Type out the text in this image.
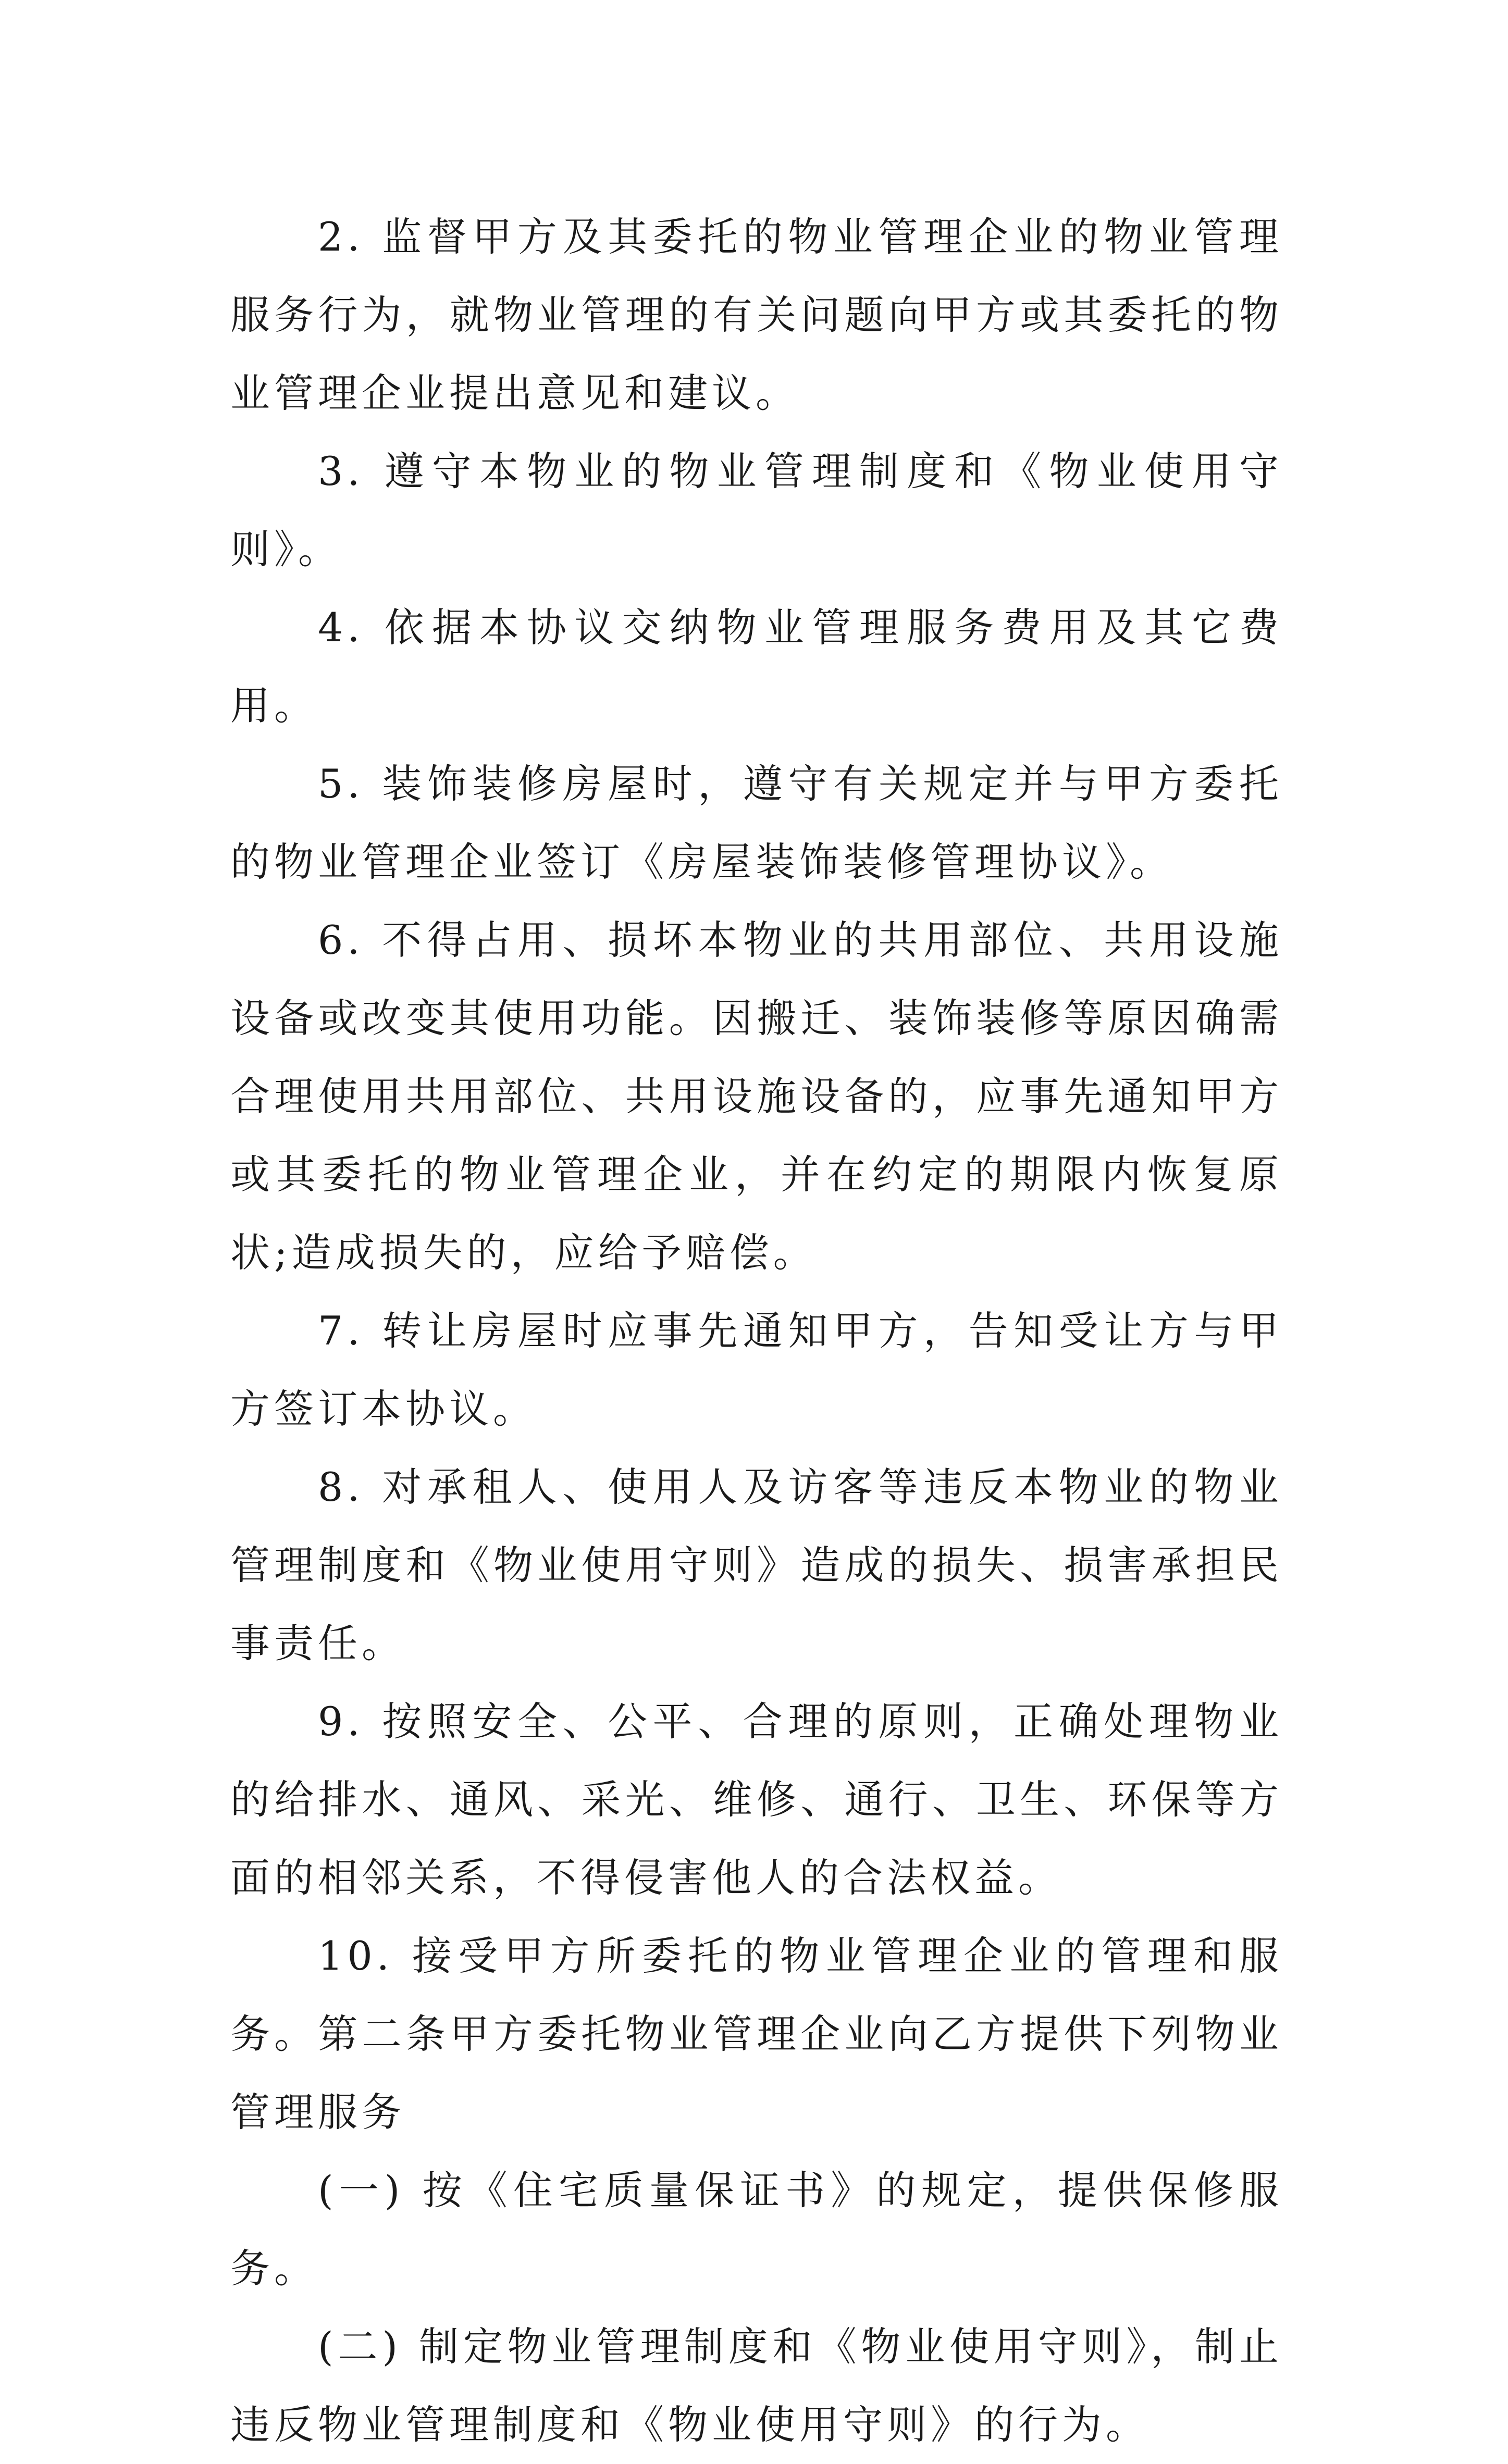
2. 监督甲方及其委托的物业管理企业的物业管理服务行为，就物业管理的有关问题向甲方或其委托的物业管理企业提出意见和建议。

3. 遵守本物业的物业管理制度和《物业使用守则》。

4. 依据本协议交纳物业管理服务费用及其它费用。

5. 装饰装修房屋时，遵守有关规定并与甲方委托的物业管理企业签订《房屋装饰装修管理协议》。

6. 不得占用、损坏本物业的共用部位、共用设施设备或改变其使用功能。因搬迁、装饰装修等原因确需合理使用共用部位、共用设施设备的，应事先通知甲方或其委托的物业管理企业，并在约定的期限内恢复原状;造成损失的，应给予赔偿。

7. 转让房屋时应事先通知甲方，告知受让方与甲方签订本协议。

8. 对承租人、使用人及访客等违反本物业的物业管理制度和《物业使用守则》造成的损失、损害承担民事责任。

9. 按照安全、公平、合理的原则，正确处理物业的给排水、通风、采光、维修、通行、卫生、环保等方面的相邻关系，不得侵害他人的合法权益。

10. 接受甲方所委托的物业管理企业的管理和服务。第二条甲方委托物业管理企业向乙方提供下列物业管理服务

(一) 按《住宅质量保证书》的规定，提供保修服务。

(二) 制定物业管理制度和《物业使用守则》，制止违反物业管理制度和《物业使用守则》的行为。
